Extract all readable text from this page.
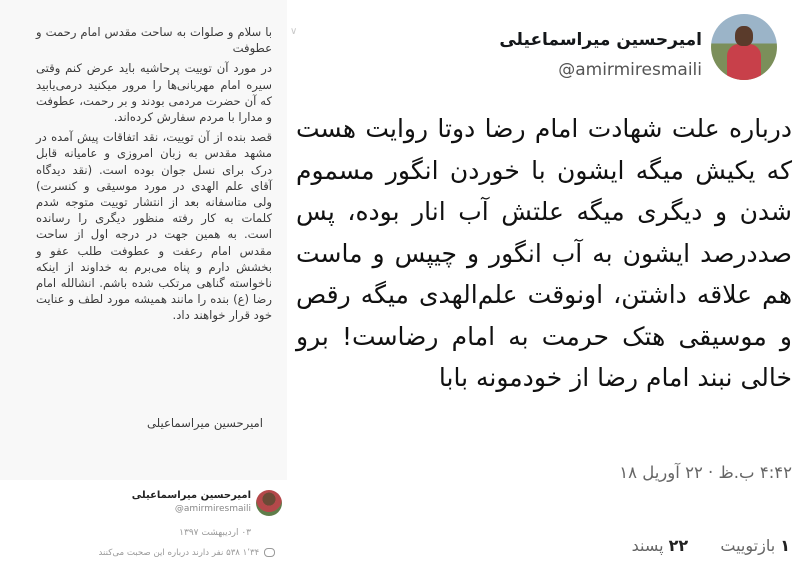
با سلام و صلوات به ساحت مقدس امام رحمت و عطوفت

در مورد آن توییت پرحاشیه باید عرض کنم وقتی سیره امام مهربانی‌ها را مرور میکنید درمی‌یابید که آن حضرت مردمی بودند و بر رحمت، عطوفت و مدارا با مردم سفارش کرده‌اند.

قصد بنده از آن توییت، نقد اتفاقات پیش آمده در مشهد مقدس به زبان امروزی و عامیانه قابل درک برای نسل جوان بوده است. (نقد دیدگاه آقای علم الهدی در مورد موسیقی و کنسرت) ولی متاسفانه بعد از انتشار توییت متوجه شدم کلمات به کار رفته منظور دیگری را رسانده است. به همین جهت در درجه اول از ساحت مقدس امام رعفت و عطوفت طلب عفو و بخشش دارم و پناه می‌برم به خداوند از اینکه ناخواسته گناهی مرتکب شده باشم. انشالله امام رضا (ع) بنده را مانند همیشه مورد لطف و عنایت خود قرار خواهند داد.

امیرحسین میراسماعیلی
امیرحسین میراسماعیلی
@amirmiresmaili
۰۳ اردیبهشت ۱۳۹۷
۱٬۳۴ ۵۳۸ نفر دارند درباره این صحبت می‌کنند
∨	امیرحسین میراسماعیلی
@amirmiresmaili
درباره علت شهادت امام رضا دوتا روایت هست که یکیش میگه ایشون با خوردن انگور مسموم شدن و دیگری میگه علتش آب انار بوده، پس صددرصد ایشون به آب انگور و چیپس و ماست هم علاقه داشتن، اونوقت علم‌الهدی میگه رقص و موسیقی هتک حرمت به امام رضاست! برو خالی نبند امام رضا از خودمونه بابا
۴:۴۲ ب.ظ · ۲۲ آوریل ۱۸
۱ بازتوییت  ۲۲ پسند
